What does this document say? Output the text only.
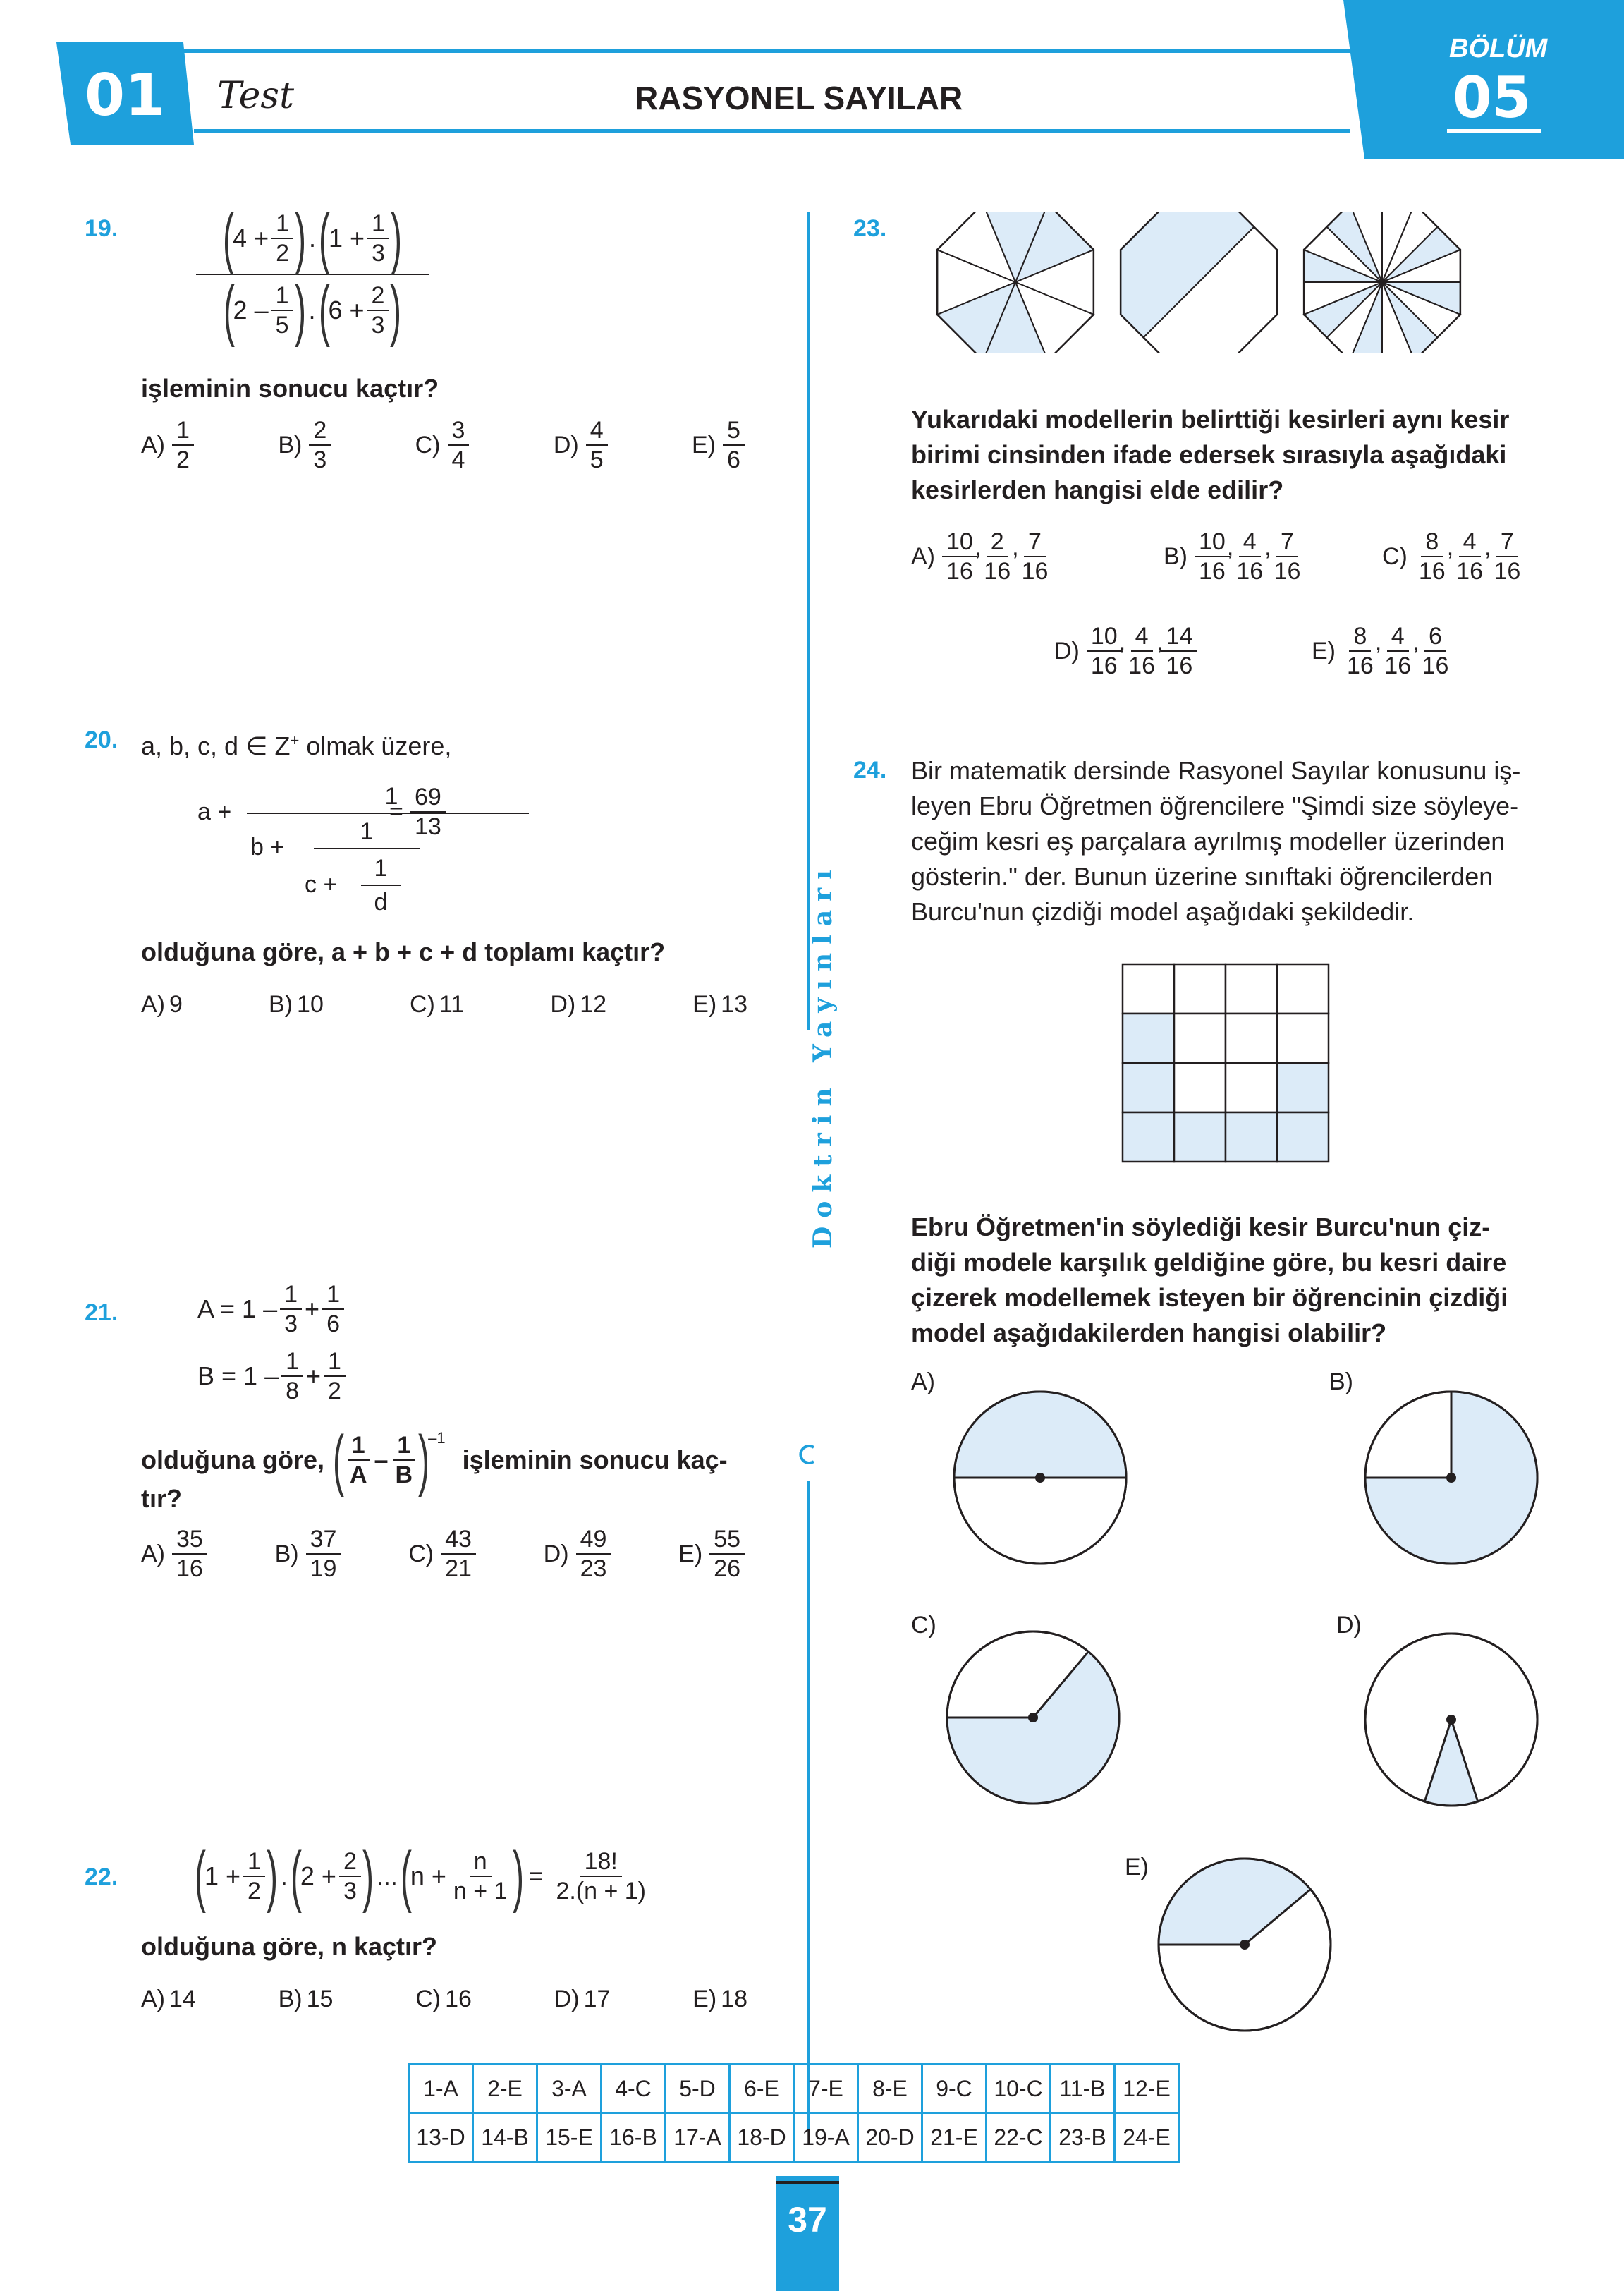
01 Test	RASYONEL SAYILAR
BÖLÜM
05
Doktrin Yayınları
19. (
$4 + \frac{1}{2}$ ) . (
$1 + \frac{1}{3}$ )
(
2 – 1
5 ) . (
$6 + \frac{2}{3}$ )
işleminin sonucu kaçtır?
$A) \frac{1}{2}$	$B) \frac{2}{3}$	$C) \frac{3}{4}$	$D) \frac{4}{5}$	$E) \frac{5}{6}$
20. a, b, c, d ∈ Z+ olmak üzere,
a +
1
b +
1
c +
1
d
=
69
13
olduğuna göre, a + b + c + d toplamı kaçtır?
A) 9	B) 10	C) 11	D) 12	E) 13
21.	A = 1 – 1
3
+ $\frac{1}{6}$
B = 1 – 1
8
+ $\frac{1}{2}$
olduğuna göre, ( 1
A
– 1
B )
–1
işleminin sonucu kaç-
tır?
$A) \frac{35}{16}$	$B) \frac{37}{19}$	$C) \frac{43}{21}$	$D) \frac{49}{23}$	$E) \frac{55}{26}$
22. (
$1 + \frac{1}{2}$ ) . (
$2 + \frac{2}{3}$ ) ... (
$n + \frac{n}{n + 1}$ ) = $\frac{18!}{2.(n + 1)}$
olduğuna göre, n kaçtır?
A) 14	B) 15	C) 16	D) 17	E) 18
23.
Yukarıdaki modellerin belirttiği kesirleri aynı kesir
birimi cinsinden ifade edersek sırasıyla aşağıdaki
kesirlerden hangisi elde edilir?
$A) \frac{10}{16}$
,
$\frac{2}{16}$
,
$\frac{7}{16}$	$B) \frac{10}{16}$
,
$\frac{4}{16}$
,
$\frac{7}{16}$	$C) \frac{8}{16}$
,
$\frac{4}{16}$
,
$\frac{7}{16}$
$D) \frac{10}{16}$
,
$\frac{4}{16}$
,
$\frac{14}{16}$	$E) \frac{8}{16}$
,
$\frac{4}{16}$
,
$\frac{6}{16}$
24. Bir matematik dersinde Rasyonel Sayılar konusunu iş-
leyen Ebru Öğretmen öğrencilere "Şimdi size söyleye-
ceğim kesri eş parçalara ayrılmış modeller üzerinden
gösterin." der. Bunun üzerine sınıftaki öğrencilerden
Burcu'nun çizdiği model aşağıdaki şekildedir.
Ebru Öğretmen'in söylediği kesir Burcu'nun çiz-
diği modele karşılık geldiğine göre, bu kesri daire
çizerek modellemek isteyen bir öğrencinin çizdiği
model aşağıdakilerden hangisi olabilir?
A)	B)
C)	D)
E)
1-A	2-E	3-A	4-C	5-D	6-E	7-E	8-E	9-C	10-C	11-B	12-E
13-D	14-B	15-E	16-B	17-A	18-D	19-A	20-D	21-E	22-C	23-B	24-E
37
